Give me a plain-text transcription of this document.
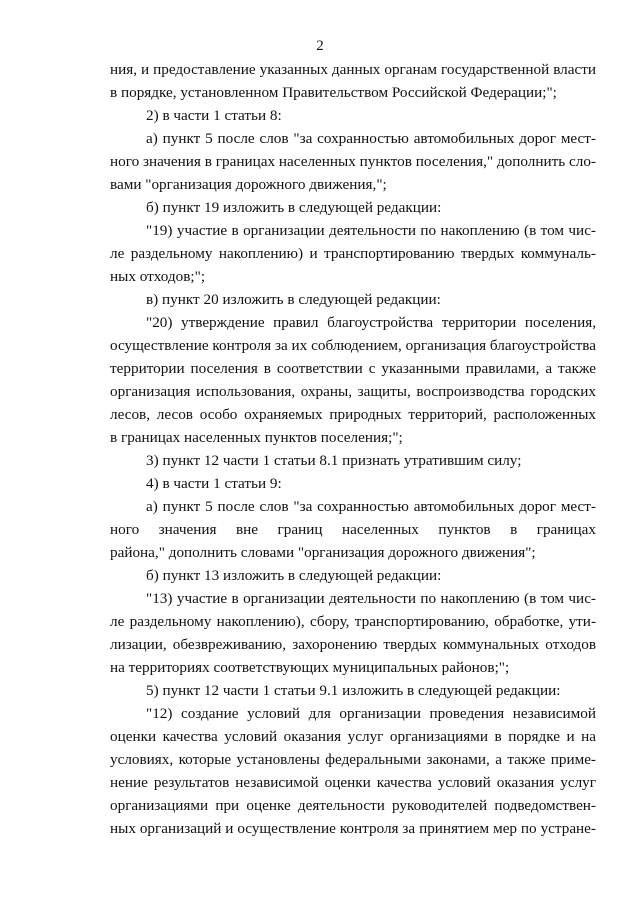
2
ния, и предоставление указанных данных органам государственной власти
в порядке, установленном Правительством Российской Федерации;";
2) в части 1 статьи 8:
а) пункт 5 после слов "за сохранностью автомобильных дорог мест-
ного значения в границах населенных пунктов поселения," дополнить сло-
вами "организация дорожного движения,";
б) пункт 19 изложить в следующей редакции:
"19) участие в организации деятельности по накоплению (в том чис-
ле раздельному накоплению) и транспортированию твердых коммуналь-
ных отходов;";
в) пункт 20 изложить в следующей редакции:
"20) утверждение правил благоустройства территории поселения,
осуществление контроля за их соблюдением, организация благоустройства
территории поселения в соответствии с указанными правилами, а также
организация использования, охраны, защиты, воспроизводства городских
лесов, лесов особо охраняемых природных территорий, расположенных
в границах населенных пунктов поселения;";
3) пункт 12 части 1 статьи 8.1 признать утратившим силу;
4) в части 1 статьи 9:
а) пункт 5 после слов "за сохранностью автомобильных дорог мест-
ного значения вне границ населенных пунктов в границах
района," дополнить словами "организация дорожного движения";
б) пункт 13 изложить в следующей редакции:
"13) участие в организации деятельности по накоплению (в том чис-
ле раздельному накоплению), сбору, транспортированию, обработке, ути-
лизации, обезвреживанию, захоронению твердых коммунальных отходов
на территориях соответствующих муниципальных районов;";
5) пункт 12 части 1 статьи 9.1 изложить в следующей редакции:
"12) создание условий для организации проведения независимой
оценки качества условий оказания услуг организациями в порядке и на
условиях, которые установлены федеральными законами, а также приме-
нение результатов независимой оценки качества условий оказания услуг
организациями при оценке деятельности руководителей подведомствен-
ных организаций и осуществление контроля за принятием мер по устране-
